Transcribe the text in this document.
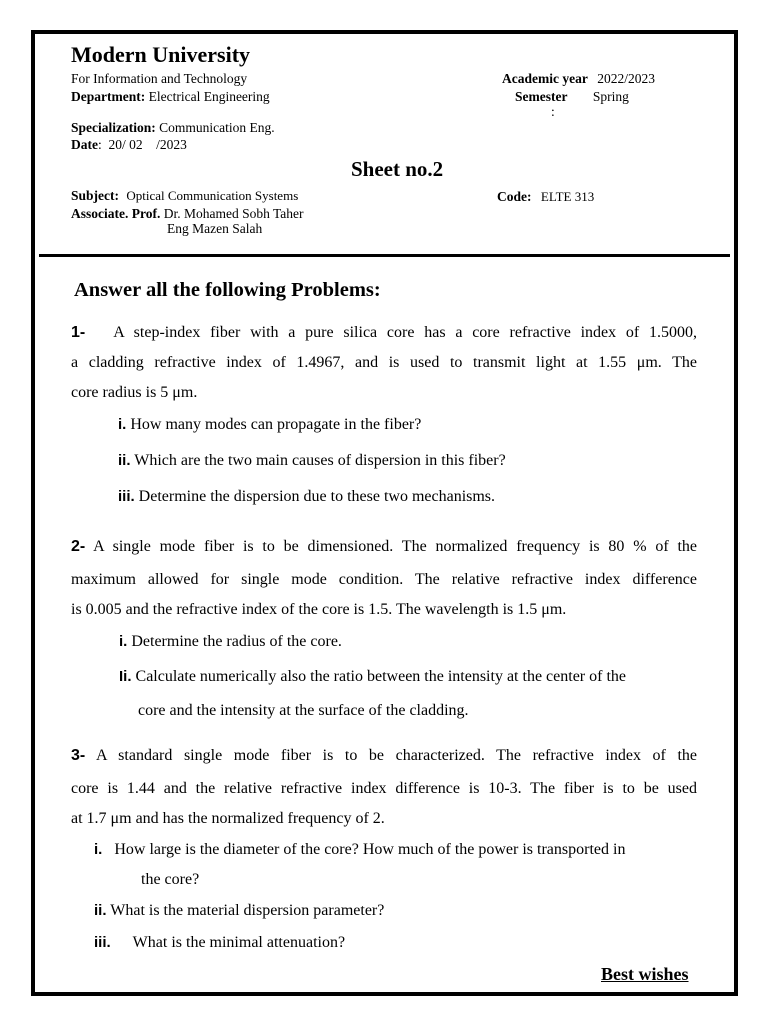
Modern University
For Information and Technology
Department: Electrical Engineering
Academic year 2022/2023
Semester Spring
:
Specialization: Communication Eng.
Date:  20/ 02    /2023
Sheet no.2
Subject: Optical Communication Systems	Code: ELTE 313
Associate. Prof. Dr. Mohamed Sobh Taher
Eng Mazen Salah
Answer all the following Problems:
1- A step-index fiber with a pure silica core has a core refractive index of 1.5000,
a cladding refractive index of 1.4967, and is used to transmit light at 1.55 μm. The
core radius is 5 μm.
i. How many modes can propagate in the fiber?
ii. Which are the two main causes of dispersion in this fiber?
iii. Determine the dispersion due to these two mechanisms.
2- A single mode fiber is to be dimensioned. The normalized frequency is 80 % of the
maximum allowed for single mode condition. The relative refractive index difference
is 0.005 and the refractive index of the core is 1.5. The wavelength is 1.5 μm.
i. Determine the radius of the core.
Ii. Calculate numerically also the ratio between the intensity at the center of the
core and the intensity at the surface of the cladding.
3- A standard single mode fiber is to be characterized. The refractive index of the
core is 1.44 and the relative refractive index difference is 10-3. The fiber is to be used
at 1.7 μm and has the normalized frequency of 2.
i. How large is the diameter of the core? How much of the power is transported in
the core?
ii. What is the material dispersion parameter?
iii. What is the minimal attenuation?
Best wishes
